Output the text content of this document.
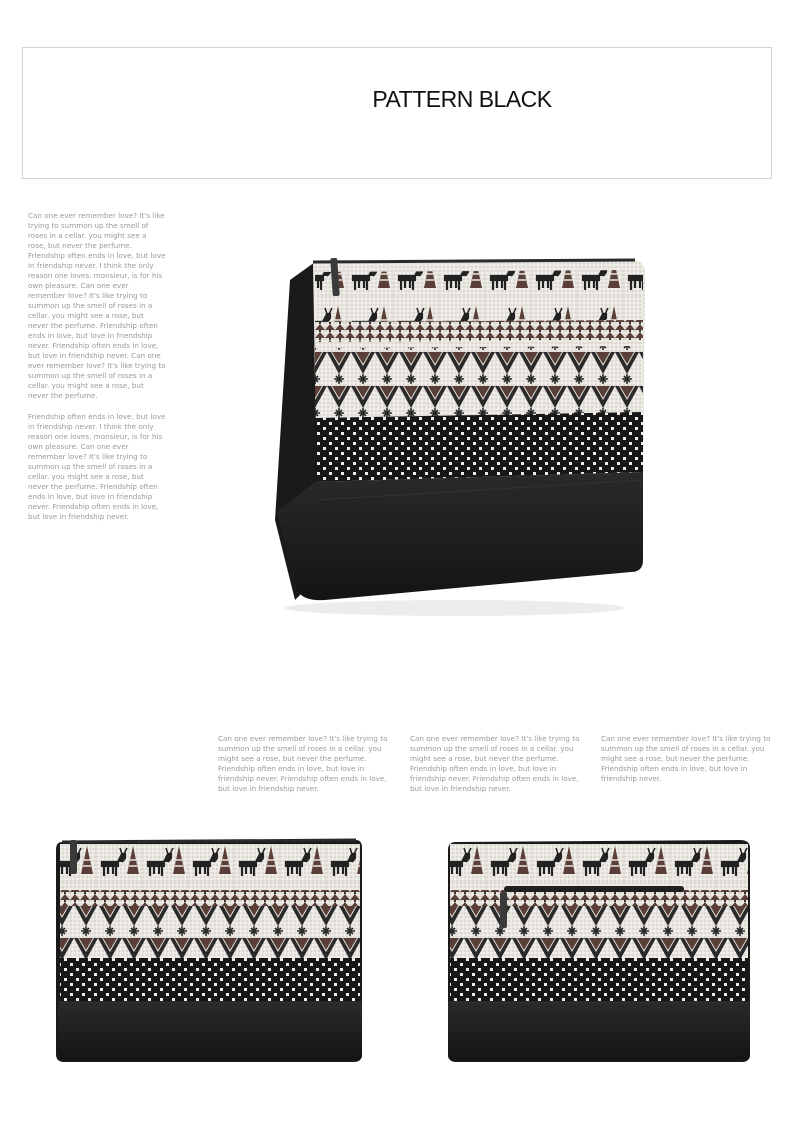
PATTERN BLACK

Can one ever remember love? It's like trying to summon up the smell of roses in a cellar. you might see a rose, but never the perfume. Friendship often ends in love, but love in friendship never. I think the only reason one loves. monsieur, is for his own pleasure. Can one ever remember love? It's like trying to summon up the smell of roses in a cellar. you might see a rose, but never the perfume. Friendship often ends in love, but love in friendship never. Friendship often ends in love, but love in friendship never. Can one ever remember love? It's like trying to summon up the smell of roses in a cellar. you might see a rose, but never the perfume.

Friendship often ends in love, but love in friendship never. I think the only reason one loves. monsieur, is for his own pleasure. Can one ever remember love? It's like trying to summon up the smell of roses in a cellar. you might see a rose, but never the perfume. Friendship often ends in love, but love in friendship never. Friendship often ends in love, but love in friendship never.

Can one ever remember love? It's like trying to summon up the smell of roses in a cellar. you might see a rose, but never the perfume. Friendship often ends in love, but love in friendship never. Friendship often ends in love, but love in friendship never.
Can one ever remember love? It's like trying to summon up the smell of roses in a cellar. you might see a rose, but never the perfume. Friendship often ends in love, but love in friendship never. Friendship often ends in love, but love in friendship never.
Can one ever remember love? It's like trying to summon up the smell of roses in a cellar. you might see a rose, but never the perfume. Friendship often ends in love, but love in friendship never.
